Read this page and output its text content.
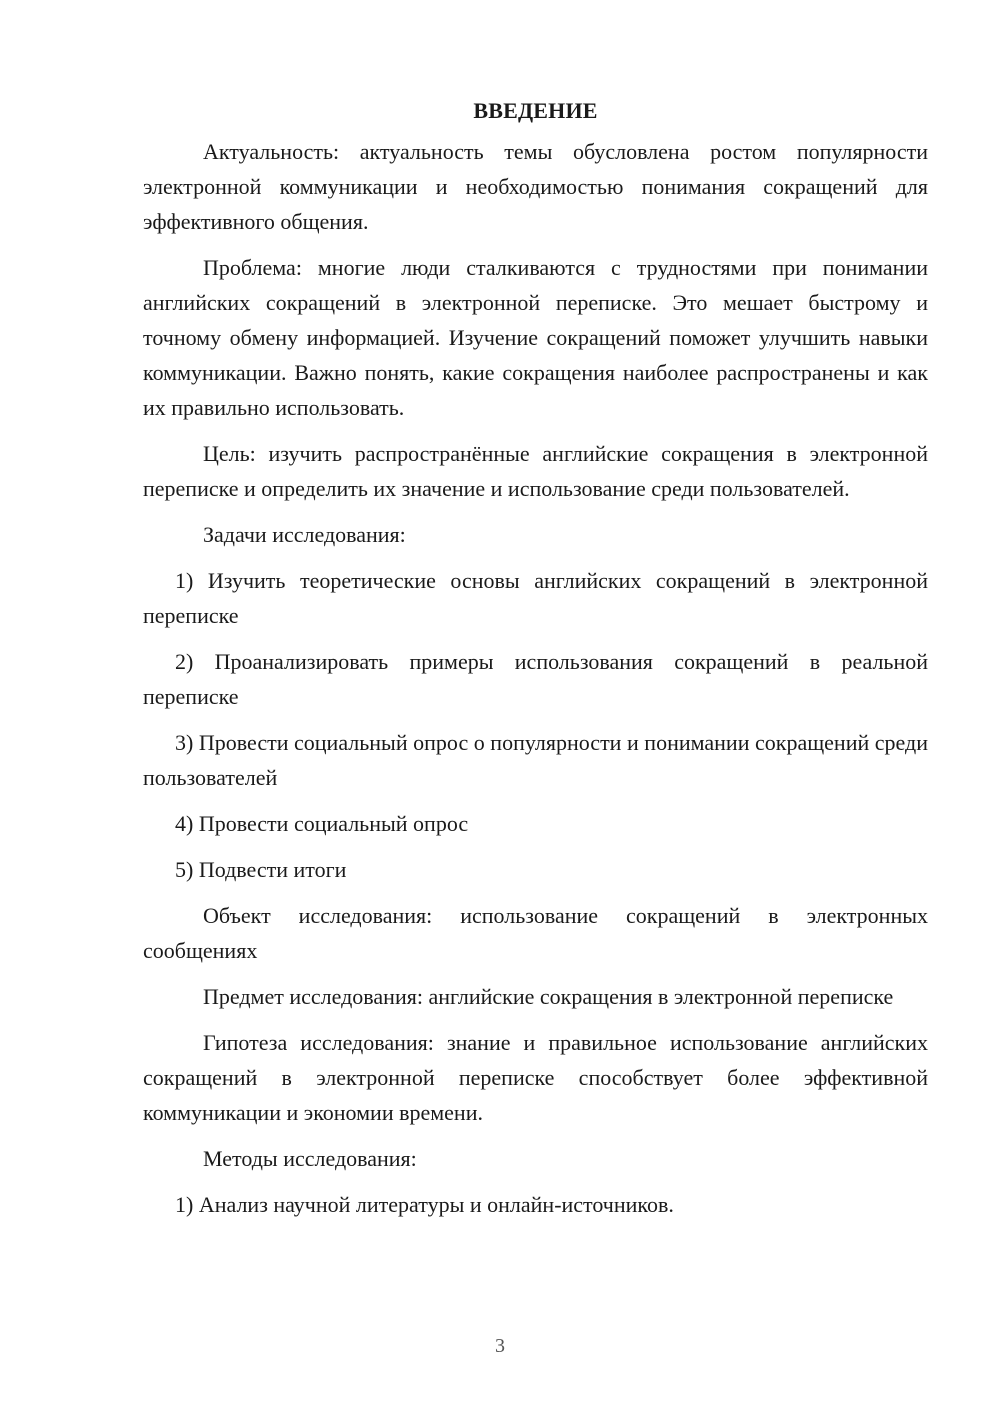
ВВЕДЕНИЕ

Актуальность: актуальность темы обусловлена ростом популярности электронной коммуникации и необходимостью понимания сокращений для эффективного общения.

Проблема: многие люди сталкиваются с трудностями при понимании английских сокращений в электронной переписке. Это мешает быстрому и точному обмену информацией. Изучение сокращений поможет улучшить навыки коммуникации. Важно понять, какие сокращения наиболее распространены и как их правильно использовать.

Цель: изучить распространённые английские сокращения в электронной переписке и определить их значение и использование среди пользователей.

Задачи исследования:

1) Изучить теоретические основы английских сокращений в электронной переписке

2) Проанализировать примеры использования сокращений в реальной переписке

3) Провести социальный опрос о популярности и понимании сокращений среди пользователей

4) Провести социальный опрос

5) Подвести итоги

Объект исследования: использование сокращений в электронных сообщениях

Предмет исследования: английские сокращения в электронной переписке

Гипотеза исследования: знание и правильное использование английских сокращений в электронной переписке способствует более эффективной коммуникации и экономии времени.

Методы исследования:

1) Анализ научной литературы и онлайн-источников.

3
